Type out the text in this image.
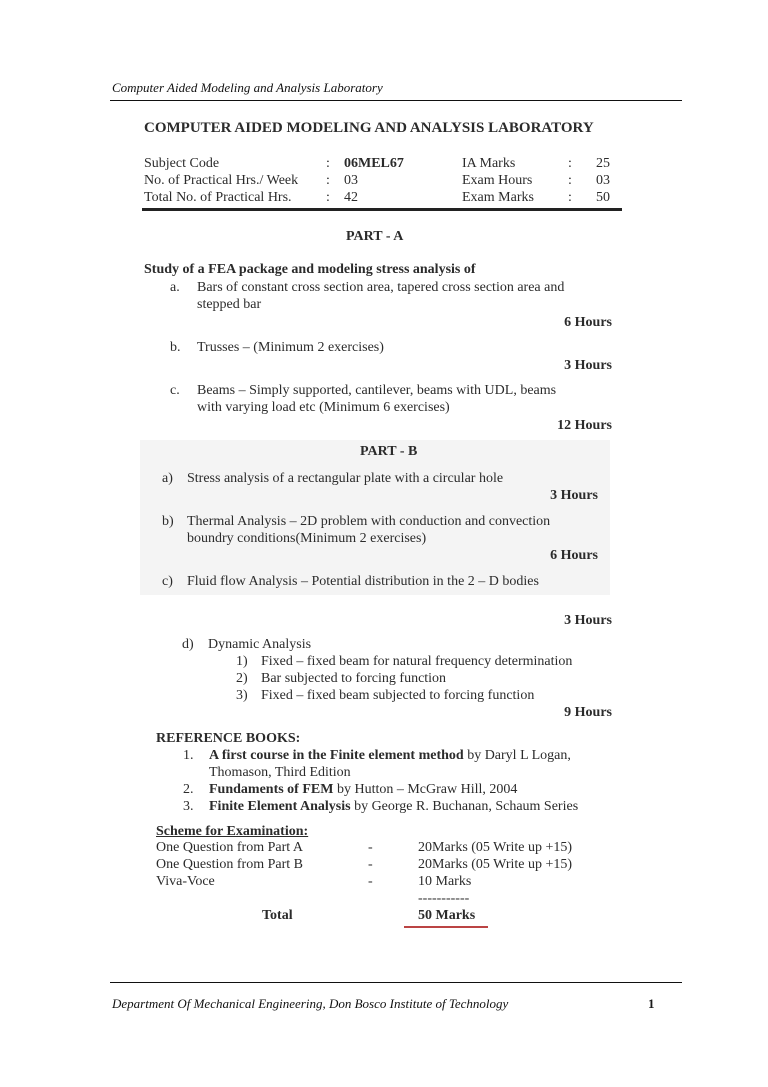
Computer Aided Modeling and Analysis Laboratory
COMPUTER AIDED MODELING AND ANALYSIS LABORATORY
Subject Code	: 06MEL67	IA Marks	: 25
No. of Practical Hrs./ Week : 03	Exam Hours	: 03
Total No. of Practical Hrs. : 42	Exam Marks : 50
PART - A
Study of a FEA package and modeling stress analysis of
a. Bars of constant cross section area, tapered cross section area and
stepped bar
6 Hours
b. Trusses – (Minimum 2 exercises)
3 Hours
c. Beams – Simply supported, cantilever, beams with UDL, beams
with varying load etc (Minimum 6 exercises)
12 Hours
PART - B
a) Stress analysis of a rectangular plate with a circular hole
3 Hours
b) Thermal Analysis – 2D problem with conduction and convection
boundry conditions(Minimum 2 exercises)
6 Hours
c) Fluid flow Analysis – Potential distribution in the 2 – D bodies
3 Hours
d) Dynamic Analysis
1) Fixed – fixed beam for natural frequency determination
2) Bar subjected to forcing function
3) Fixed – fixed beam subjected to forcing function
9 Hours
REFERENCE BOOKS:
1. A first course in the Finite element method by Daryl L Logan,
Thomason, Third Edition
2. Fundaments of FEM by Hutton – McGraw Hill, 2004
3. Finite Element Analysis by George R. Buchanan, Schaum Series
Scheme for Examination:
One Question from Part A	-	20Marks (05 Write up +15)
One Question from Part B	-	20Marks (05 Write up +15)
Viva-Voce	-	10 Marks
-----------
Total	50 Marks
Department Of Mechanical Engineering, Don Bosco Institute of Technology	1
